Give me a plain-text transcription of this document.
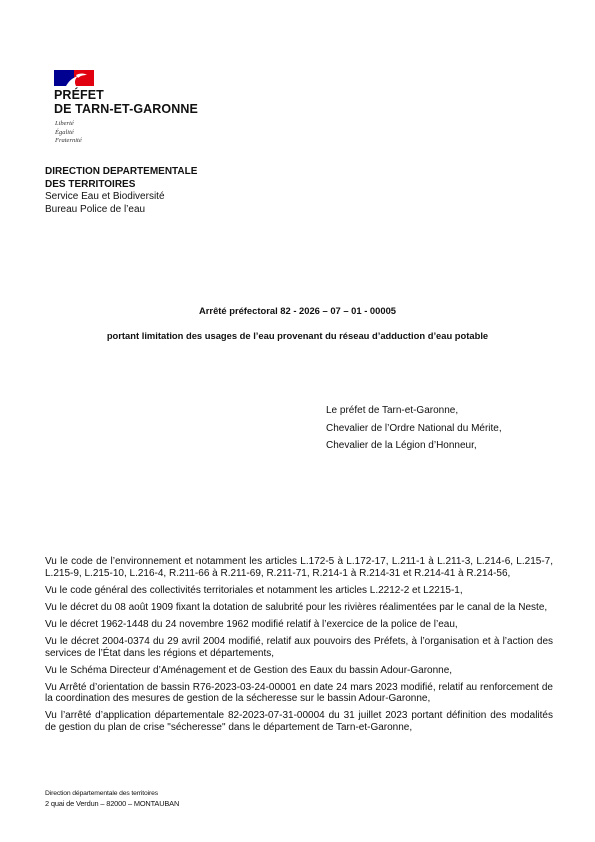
PRÉFET
DE TARN-ET-GARONNE
Liberté
Égalité
Fraternité
DIRECTION DEPARTEMENTALE
DES TERRITOIRES
Service Eau et Biodiversité
Bureau Police de l’eau
Arrêté préfectoral 82 - 2026 – 07 – 01 - 00005
portant limitation des usages de l’eau provenant du réseau d’adduction d’eau potable
Le préfet de Tarn-et-Garonne,
Chevalier de l’Ordre National du Mérite,
Chevalier de la Légion d’Honneur,

Vu le code de l’environnement et notamment les articles L.172-5 à L.172-17, L.211-1 à L.211-3, L.214-6, L.215-7, L.215-9, L.215-10, L.216-4, R.211-66 à R.211-69, R.211-71, R.214-1 à R.214-31 et R.214-41 à R.214-56,

Vu le code général des collectivités territoriales et notamment les articles L.2212-2 et L2215-1,

Vu le décret du 08 août 1909 fixant la dotation de salubrité pour les rivières réalimentées par le canal de la Neste,

Vu le décret 1962-1448 du 24 novembre 1962 modifié relatif à l’exercice de la police de l’eau,

Vu le décret 2004-0374 du 29 avril 2004 modifié, relatif aux pouvoirs des Préfets, à l’organisation et à l’action des services de l’État dans les régions et départements,

Vu le Schéma Directeur d’Aménagement et de Gestion des Eaux du bassin Adour-Garonne,

Vu Arrêté d’orientation de bassin R76-2023-03-24-00001 en date 24 mars 2023 modifié, relatif au renforcement de la coordination des mesures de gestion de la sécheresse sur le bassin Adour-Garonne,

Vu l’arrêté d’application départementale 82-2023-07-31-00004 du 31 juillet 2023 portant définition des modalités de gestion du plan de crise "sécheresse" dans le département de Tarn-et-Garonne,

Direction départementale des territoires
2 quai de Verdun – 82000 – MONTAUBAN
